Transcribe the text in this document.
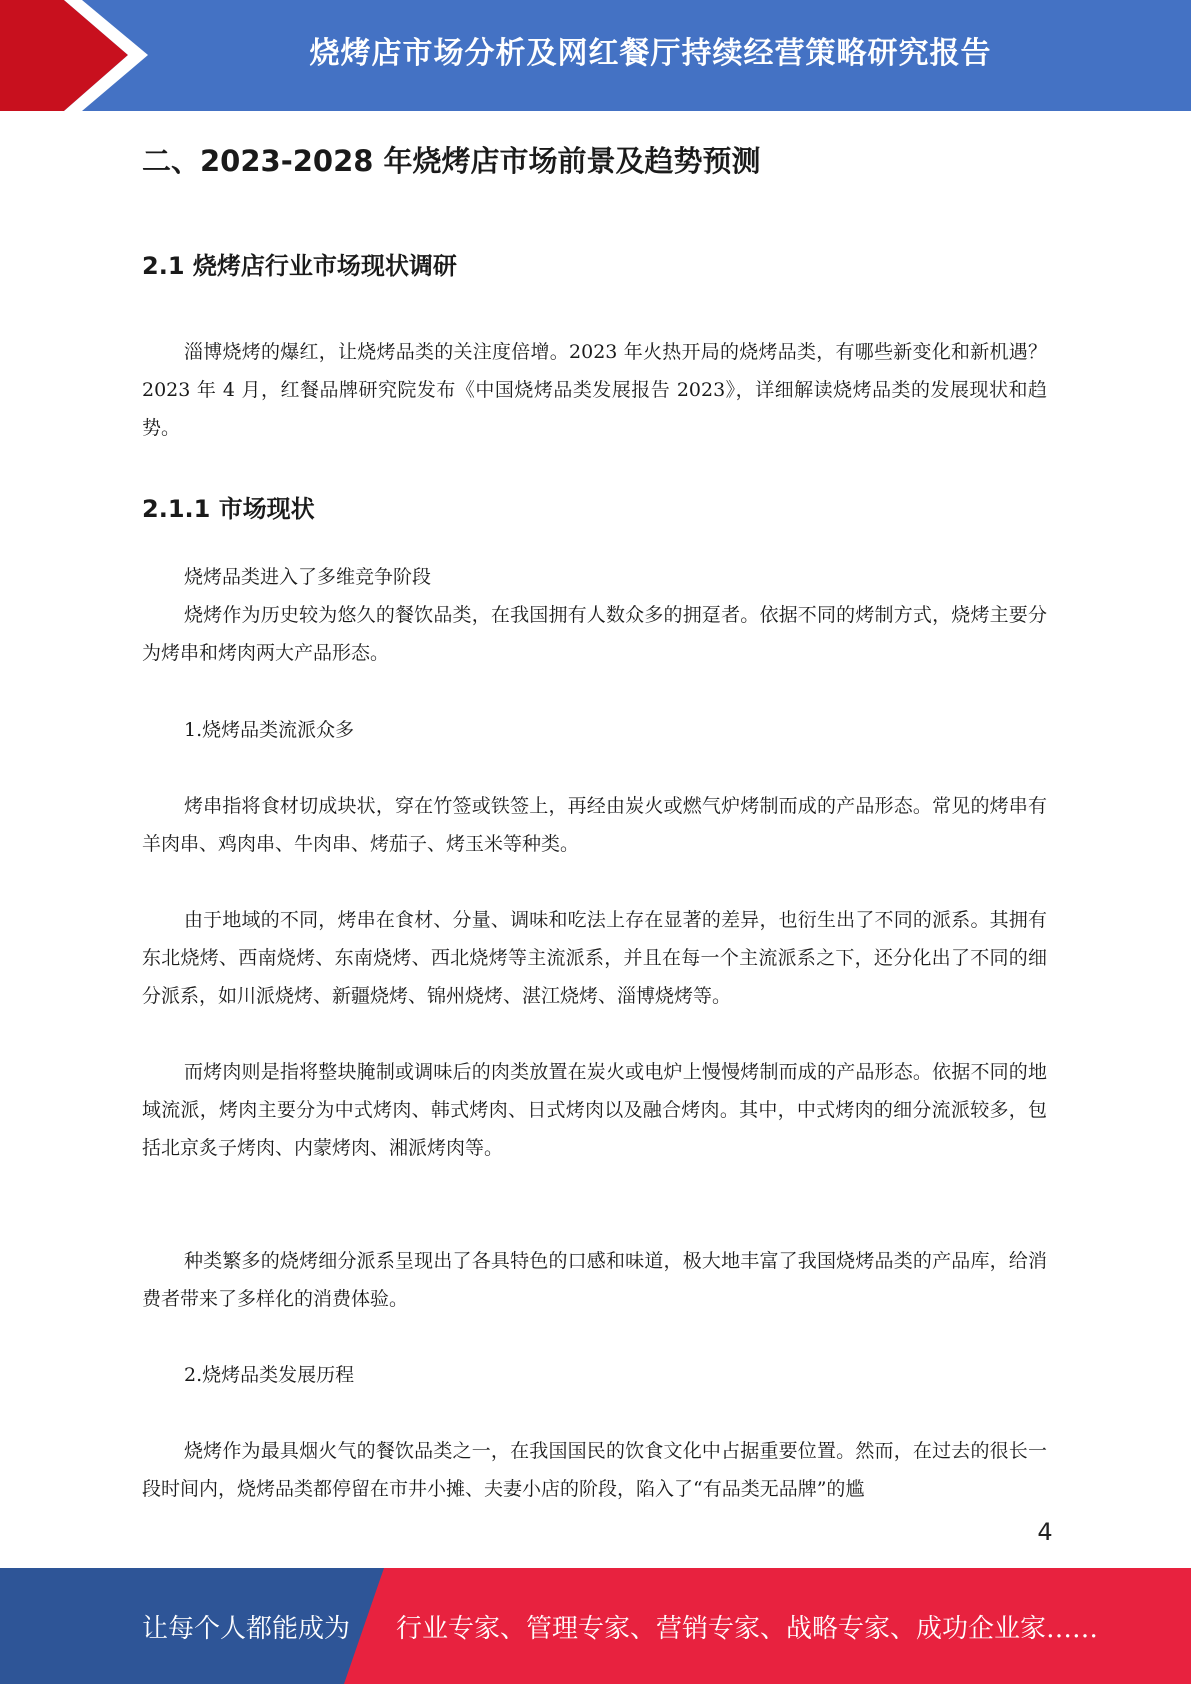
烧烤店市场分析及网红餐厅持续经营策略研究报告
二、2023-2028 年烧烤店市场前景及趋势预测
2.1 烧烤店行业市场现状调研

淄博烧烤的爆红，让烧烤品类的关注度倍增。2023 年火热开局的烧烤品类，有哪些新变化和新机遇？2023 年 4 月，红餐品牌研究院发布《中国烧烤品类发展报告 2023》，详细解读烧烤品类的发展现状和趋势。

2.1.1 市场现状

烧烤品类进入了多维竞争阶段

烧烤作为历史较为悠久的餐饮品类，在我国拥有人数众多的拥趸者。依据不同的烤制方式，烧烤主要分为烤串和烤肉两大产品形态。

1.烧烤品类流派众多

烤串指将食材切成块状，穿在竹签或铁签上，再经由炭火或燃气炉烤制而成的产品形态。常见的烤串有羊肉串、鸡肉串、牛肉串、烤茄子、烤玉米等种类。

由于地域的不同，烤串在食材、分量、调味和吃法上存在显著的差异，也衍生出了不同的派系。其拥有东北烧烤、西南烧烤、东南烧烤、西北烧烤等主流派系，并且在每一个主流派系之下，还分化出了不同的细分派系，如川派烧烤、新疆烧烤、锦州烧烤、湛江烧烤、淄博烧烤等。

而烤肉则是指将整块腌制或调味后的肉类放置在炭火或电炉上慢慢烤制而成的产品形态。依据不同的地域流派，烤肉主要分为中式烤肉、韩式烤肉、日式烤肉以及融合烤肉。其中，中式烤肉的细分流派较多，包括北京炙子烤肉、内蒙烤肉、湘派烤肉等。

种类繁多的烧烤细分派系呈现出了各具特色的口感和味道，极大地丰富了我国烧烤品类的产品库，给消费者带来了多样化的消费体验。

2.烧烤品类发展历程

烧烤作为最具烟火气的餐饮品类之一，在我国国民的饮食文化中占据重要位置。然而，在过去的很长一段时间内，烧烤品类都停留在市井小摊、夫妻小店的阶段，陷入了“有品类无品牌”的尴

4
让每个人都能成为 行业专家、管理专家、营销专家、战略专家、成功企业家……
